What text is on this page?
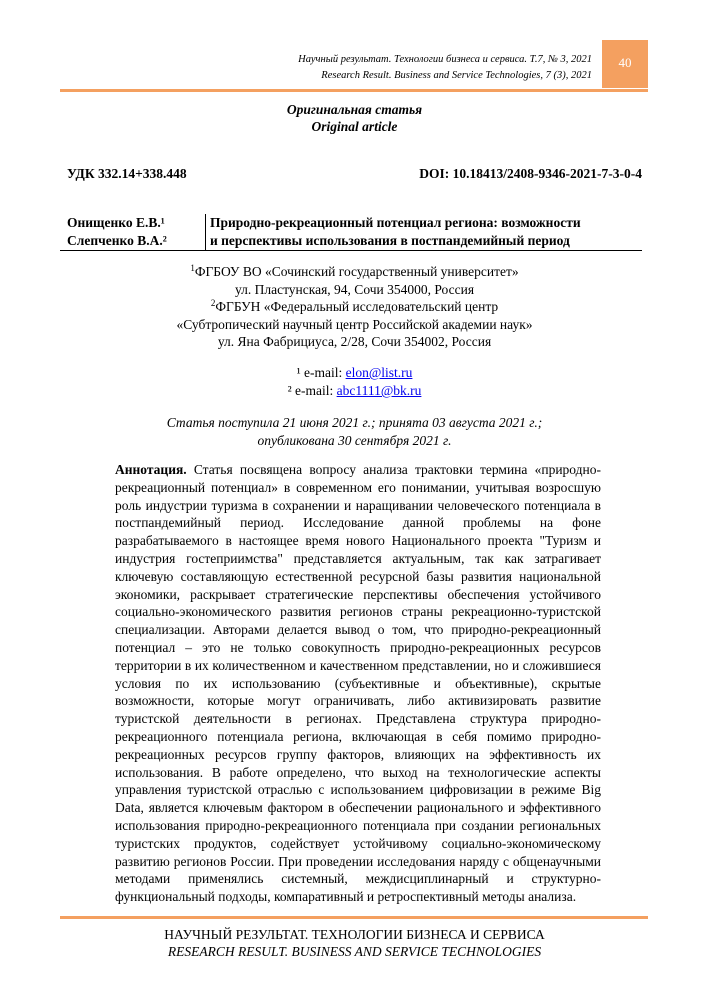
Научный результат. Технологии бизнеса и сервиса. Т.7, № 3, 2021
Research Result. Business and Service Technologies, 7 (3), 2021
40
Оригинальная статья
Original article
УДК 332.14+338.448	DOI: 10.18413/2408-9346-2021-7-3-0-4
Онищенко Е.В.¹
Слепченко В.А.²
Природно-рекреационный потенциал региона: возможности
и перспективы использования в постпандемийный период
$^1$ФГБОУ ВО «Сочинский государственный университет»
ул. Пластунская, 94, Сочи 354000, Россия
$^2$ФГБУН «Федеральный исследовательский центр
«Субтропический научный центр Российской академии наук»
ул. Яна Фабрициуса, 2/28, Сочи 354002, Россия
¹ e-mail: elon@list.ru
² e-mail: abc1111@bk.ru
Статья поступила 21 июня 2021 г.; принята 03 августа 2021 г.;
опубликована 30 сентября 2021 г.
Аннотация. Статья посвящена вопросу анализа трактовки термина «природно-рекреационный потенциал» в современном его понимании, учитывая возросшую роль индустрии туризма в сохранении и наращивании человеческого потенциала в постпандемийный период. Исследование данной проблемы на фоне разрабатываемого в настоящее время нового Национального проекта "Туризм и индустрия гостеприимства" представляется актуальным, так как затрагивает ключевую составляющую естественной ресурсной базы развития национальной экономики, раскрывает стратегические перспективы обеспечения устойчивого социально-экономического развития регионов страны рекреационно-туристской специализации. Авторами делается вывод о том, что природно-рекреационный потенциал – это не только совокупность природно-рекреационных ресурсов территории в их количественном и качественном представлении, но и сложившиеся условия по их использованию (субъективные и объективные), скрытые возможности, которые могут ограничивать, либо активизировать развитие туристской деятельности в регионах. Представлена структура природно-рекреационного потенциала региона, включающая в себя помимо природно-рекреационных ресурсов группу факторов, влияющих на эффективность их использования. В работе определено, что выход на технологические аспекты управления туристской отраслью с использованием цифровизации в режиме Big Data, является ключевым фактором в обеспечении рационального и эффективного использования природно-рекреационного потенциала при создании региональных туристских продуктов, содействует устойчивому социально-экономическому развитию регионов России. При проведении исследования наряду с общенаучными методами применялись системный, междисциплинарный и структурно-функциональный подходы, компаративный и ретроспективный методы анализа.
НАУЧНЫЙ РЕЗУЛЬТАТ. ТЕХНОЛОГИИ БИЗНЕСА И СЕРВИСА
RESEARCH RESULT. BUSINESS AND SERVICE TECHNOLOGIES
